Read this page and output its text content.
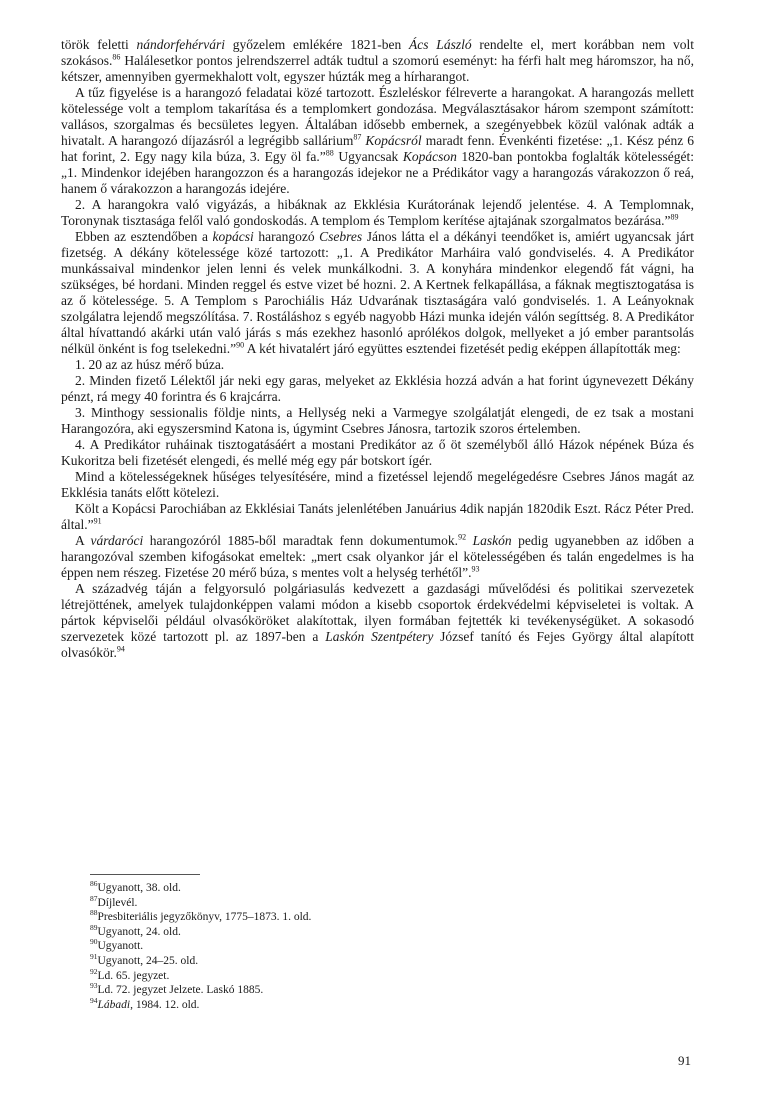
török feletti nándorfehérvári győzelem emlékére 1821-ben Ács László rendelte el, mert korábban nem volt szokásos.$^{86}$ Halálesetkor pontos jelrendszerrel adták tudtul a szomorú eseményt: ha férfi halt meg háromszor, ha nő, kétszer, amennyiben gyermekhalott volt, egyszer húzták meg a hírharangot.

A tűz figyelése is a harangozó feladatai közé tartozott. Észleléskor félreverte a harangokat. A harangozás mellett kötelessége volt a templom takarítása és a templomkert gondozása. Megválasztásakor három szempont számított: vallásos, szorgalmas és becsületes legyen. Általában idősebb embernek, a szegényebbek közül valónak adták a hivatalt. A harangozó díjazásról a legrégibb sallárium$^{87}$ Kopácsról maradt fenn. Évenkénti fizetése: „1. Kész pénz 6 hat forint, 2. Egy nagy kila búza, 3. Egy öl fa.”$^{88}$ Ugyancsak Kopácson 1820-ban pontokba foglalták kötelességét: „1. Mindenkor idejében harangozzon és a harangozás idejekor ne a Prédikátor vagy a harangozás várakozzon ő reá, hanem ő várakozzon a harangozás idejére.

2. A harangokra való vigyázás, a hibáknak az Ekklésia Kurátorának lejendő jelentése. 4. A Templomnak, Toronynak tisztasága felől való gondoskodás. A templom és Templom kerítése ajtajának szorgalmatos bezárása.”$^{89}$

Ebben az esztendőben a kopácsi harangozó Csebres János látta el a dékányi teendőket is, amiért ugyancsak járt fizetség. A dékány kötelessége közé tartozott: „1. A Predikátor Marháira való gondviselés. 4. A Predikátor munkássaival mindenkor jelen lenni és velek munkálkodni. 3. A konyhára mindenkor elegendő fát vágni, ha szükséges, bé hordani. Minden reggel és estve vizet bé hozni. 2. A Kertnek felkapállása, a fáknak megtisztogatása is az ő kötelessége. 5. A Templom s Parochiális Ház Udvarának tisztaságára való gondviselés. 1. A Leányoknak szolgálatra lejendő megszólítása. 7. Rostáláshoz s egyéb nagyobb Házi munka idején válón segíttség. 8. A Predikátor által hívattandó akárki után való járás s más ezekhez hasonló aprólékos dolgok, mellyeket a jó ember parantsolás nélkül önként is fog tselekedni.”$^{90}$ A két hivatalért járó együttes esztendei fizetését pedig eképpen állapították meg:

1. 20 az az húsz mérő búza.

2. Minden fizető Lélektől jár neki egy garas, melyeket az Ekklésia hozzá adván a hat forint úgynevezett Dékány pénzt, rá megy 40 forintra és 6 krajcárra.

3. Minthogy sessionalis földje nints, a Hellység neki a Varmegye szolgálatját elengedi, de ez tsak a mostani Harangozóra, aki egyszersmind Katona is, úgymint Csebres Jánosra, tartozik szoros értelemben.

4. A Predikátor ruháinak tisztogatásáért a mostani Predikátor az ő öt személyből álló Házok népének Búza és Kukoritza beli fizetését elengedi, és mellé még egy pár botskort ígér.

Mind a kötelességeknek hűséges telyesítésére, mind a fizetéssel lejendő megelégedésre Csebres János magát az Ekklésia tanáts előtt kötelezi.

Költ a Kopácsi Parochiában az Ekklésiai Tanáts jelenlétében Januárius 4dik napján 1820dik Eszt. Rácz Péter Pred. által.”$^{91}$

A várdaróci harangozóról 1885-ből maradtak fenn dokumentumok.$^{92}$ Laskón pedig ugyanebben az időben a harangozóval szemben kifogásokat emeltek: „mert csak olyankor jár el kötelességében és talán engedelmes is ha éppen nem részeg. Fizetése 20 mérő búza, s mentes volt a helység terhétől”.$^{93}$

A századvég táján a felgyorsuló polgáriasulás kedvezett a gazdasági művelődési és politikai szervezetek létrejöttének, amelyek tulajdonképpen valami módon a kisebb csoportok érdekvédelmi képviseletei is voltak. A pártok képviselői például olvasóköröket alakítottak, ilyen formában fejtették ki tevékenységüket. A sokasodó szervezetek közé tartozott pl. az 1897-ben a Laskón Szentpétery József tanító és Fejes György által alapított olvasókör.$^{94}$

$^{86}$Ugyanott, 38. old.

$^{87}$Díjlevél.

$^{88}$Presbiteriális jegyzőkönyv, 1775–1873. 1. old.

$^{89}$Ugyanott, 24. old.

$^{90}$Ugyanott.

$^{91}$Ugyanott, 24–25. old.

$^{92}$Ld. 65. jegyzet.

$^{93}$Ld. 72. jegyzet Jelzete. Laskó 1885.

$^{94}$Lábadi, 1984. 12. old.

91
